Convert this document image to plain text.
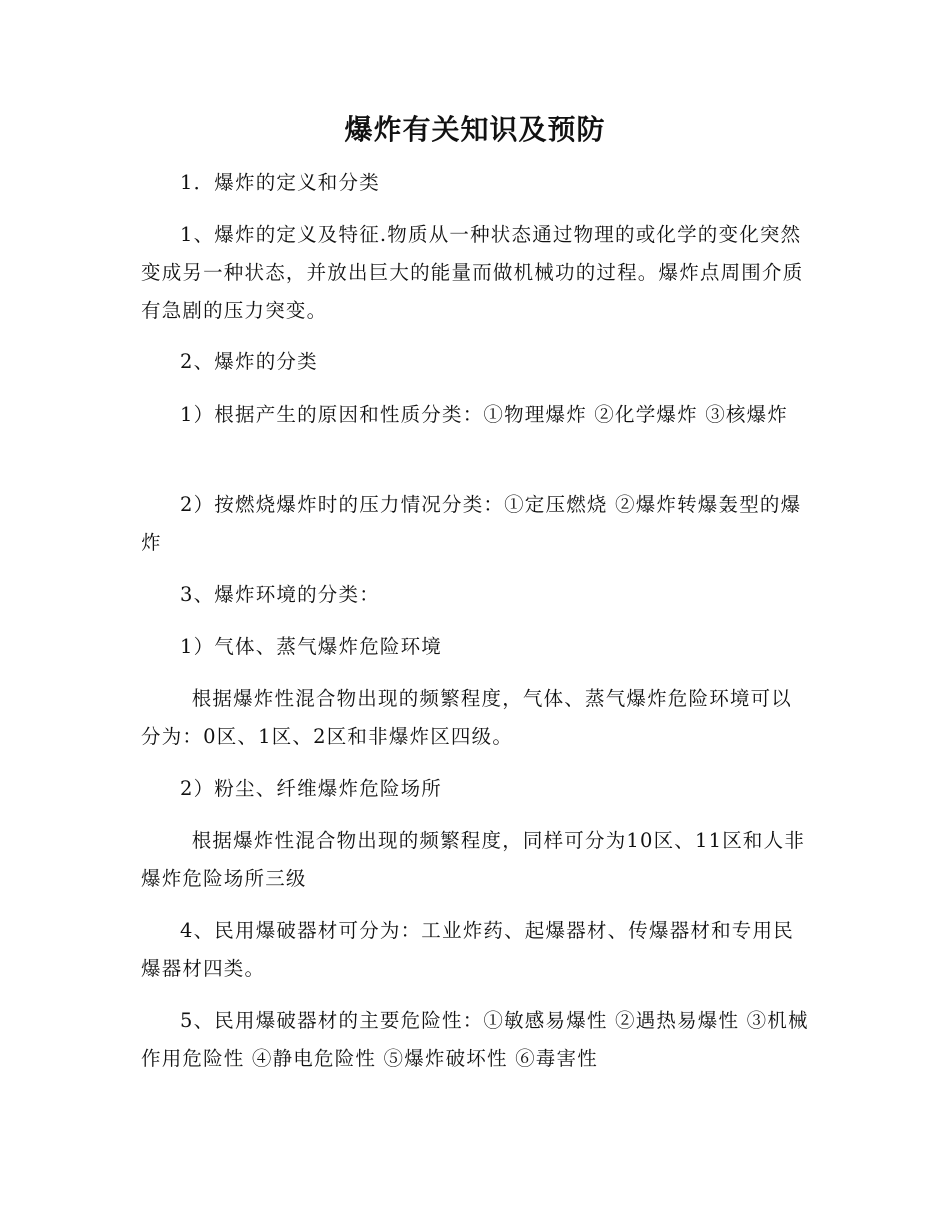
爆炸有关知识及预防

1．爆炸的定义和分类

1、爆炸的定义及特征.物质从一种状态通过物理的或化学的变化突然变成另一种状态，并放出巨大的能量而做机械功的过程。爆炸点周围介质有急剧的压力突变。

2、爆炸的分类

1）根据产生的原因和性质分类：①物理爆炸 ②化学爆炸 ③核爆炸

2）按燃烧爆炸时的压力情况分类：①定压燃烧 ②爆炸转爆轰型的爆炸

3、爆炸环境的分类：

1）气体、蒸气爆炸危险环境

根据爆炸性混合物出现的频繁程度，气体、蒸气爆炸危险环境可以分为：0区、1区、2区和非爆炸区四级。

2）粉尘、纤维爆炸危险场所

根据爆炸性混合物出现的频繁程度，同样可分为10区、11区和人非爆炸危险场所三级

4、民用爆破器材可分为：工业炸药、起爆器材、传爆器材和专用民爆器材四类。

5、民用爆破器材的主要危险性：①敏感易爆性 ②遇热易爆性 ③机械作用危险性 ④静电危险性 ⑤爆炸破坏性 ⑥毒害性
